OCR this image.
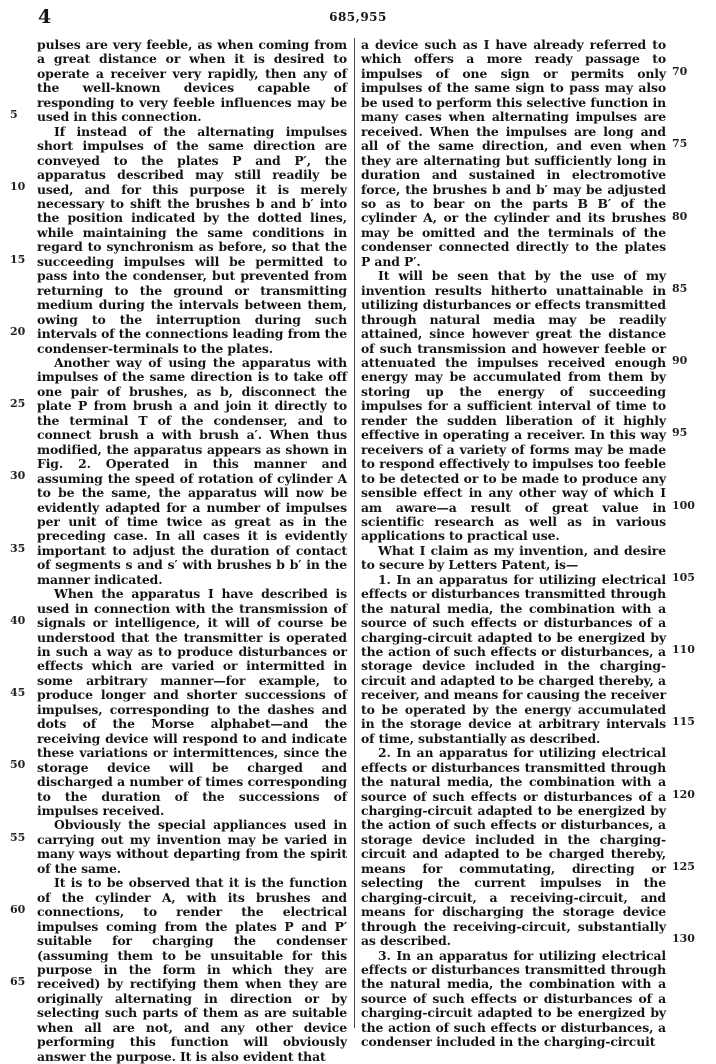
4	685,955

pulses are very feeble, as when coming from a great distance or when it is desired to operate a receiver very rapidly, then any of the well-known devices capable of responding to very feeble influences may be used in this connection.

If instead of the alternating impulses short impulses of the same direction are conveyed to the plates P and P′, the apparatus described may still readily be used, and for this purpose it is merely necessary to shift the brushes b and b′ into the position indicated by the dotted lines, while maintaining the same conditions in regard to synchronism as before, so that the succeeding impulses will be permitted to pass into the condenser, but prevented from returning to the ground or transmitting medium during the intervals between them, owing to the interruption during such intervals of the connections leading from the condenser-terminals to the plates.

Another way of using the apparatus with impulses of the same direction is to take off one pair of brushes, as b, disconnect the plate P from brush a and join it directly to the terminal T of the condenser, and to connect brush a with brush a′. When thus modified, the apparatus appears as shown in Fig. 2. Operated in this manner and assuming the speed of rotation of cylinder A to be the same, the apparatus will now be evidently adapted for a number of impulses per unit of time twice as great as in the preceding case. In all cases it is evidently important to adjust the duration of contact of segments s and s′ with brushes b b′ in the manner indicated.

When the apparatus I have described is used in connection with the transmission of signals or intelligence, it will of course be understood that the transmitter is operated in such a way as to produce disturbances or effects which are varied or intermitted in some arbitrary manner—for example, to produce longer and shorter successions of impulses, corresponding to the dashes and dots of the Morse alphabet—and the receiving device will respond to and indicate these variations or intermittences, since the storage device will be charged and discharged a number of times corresponding to the duration of the successions of impulses received.

Obviously the special appliances used in carrying out my invention may be varied in many ways without departing from the spirit of the same.

It is to be observed that it is the function of the cylinder A, with its brushes and connections, to render the electrical impulses coming from the plates P and P′ suitable for charging the condenser (assuming them to be unsuitable for this purpose in the form in which they are received) by rectifying them when they are originally alternating in direction or by selecting such parts of them as are suitable when all are not, and any other device performing this function will obviously answer the purpose. It is also evident that

a device such as I have already referred to which offers a more ready passage to impulses of one sign or permits only impulses of the same sign to pass may also be used to perform this selective function in many cases when alternating impulses are received. When the impulses are long and all of the same direction, and even when they are alternating but sufficiently long in duration and sustained in electromotive force, the brushes b and b′ may be adjusted so as to bear on the parts B B′ of the cylinder A, or the cylinder and its brushes may be omitted and the terminals of the condenser connected directly to the plates P and P′.

It will be seen that by the use of my invention results hitherto unattainable in utilizing disturbances or effects transmitted through natural media may be readily attained, since however great the distance of such transmission and however feeble or attenuated the impulses received enough energy may be accumulated from them by storing up the energy of succeeding impulses for a sufficient interval of time to render the sudden liberation of it highly effective in operating a receiver. In this way receivers of a variety of forms may be made to respond effectively to impulses too feeble to be detected or to be made to produce any sensible effect in any other way of which I am aware—a result of great value in scientific research as well as in various applications to practical use.

What I claim as my invention, and desire to secure by Letters Patent, is—

1. In an apparatus for utilizing electrical effects or disturbances transmitted through the natural media, the combination with a source of such effects or disturbances of a charging-circuit adapted to be energized by the action of such effects or disturbances, a storage device included in the charging-circuit and adapted to be charged thereby, a receiver, and means for causing the receiver to be operated by the energy accumulated in the storage device at arbitrary intervals of time, substantially as described.

2. In an apparatus for utilizing electrical effects or disturbances transmitted through the natural media, the combination with a source of such effects or disturbances of a charging-circuit adapted to be energized by the action of such effects or disturbances, a storage device included in the charging-circuit and adapted to be charged thereby, means for commutating, directing or selecting the current impulses in the charging-circuit, a receiving-circuit, and means for discharging the storage device through the receiving-circuit, substantially as described.

3. In an apparatus for utilizing electrical effects or disturbances transmitted through the natural media, the combination with a source of such effects or disturbances of a charging-circuit adapted to be energized by the action of such effects or disturbances, a condenser included in the charging-circuit

5
10
15
20
25
30
35
40
45
50
55
60
65
70
75
80
85
90
95
100
105
110
115
120
125
130
